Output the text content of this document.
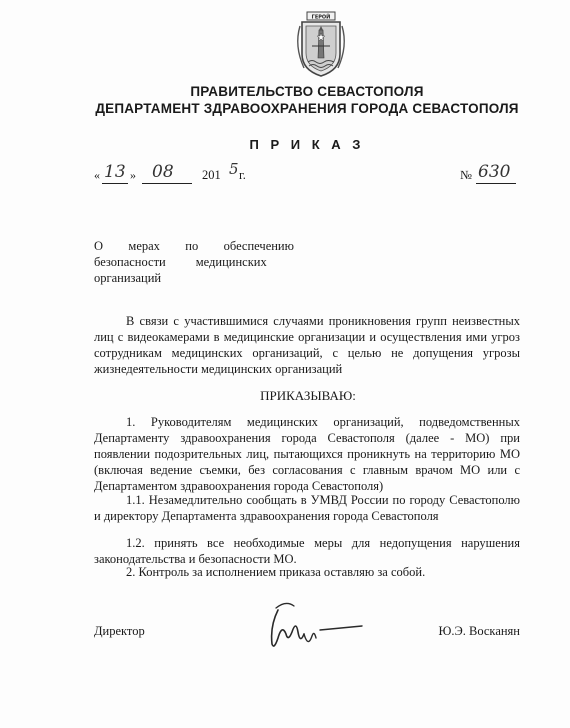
ГЕРОЙ
ПРАВИТЕЛЬСТВО СЕВАСТОПОЛЯ
ДЕПАРТАМЕНТ ЗДРАВООХРАНЕНИЯ ГОРОДА СЕВАСТОПОЛЯ
П Р И К А З
« 13 » 08 201 5 г.	№ 630
О мерах по обеспечению
безопасности медицинских
организаций
В связи с участившимися случаями проникновения групп неизвестных лиц с видеокамерами в медицинские организации и осуществления ими угроз сотрудникам медицинских организаций, с целью не допущения угрозы жизнедеятельности медицинских организаций
ПРИКАЗЫВАЮ:
1. Руководителям медицинских организаций, подведомственных Департаменту здравоохранения города Севастополя (далее - МО) при появлении подозрительных лиц, пытающихся проникнуть на территорию МО (включая ведение съемки, без согласования с главным врачом МО или с Департаментом здравоохранения города Севастополя)
1.1. Незамедлительно сообщать в УМВД России по городу Севастополю и директору Департамента здравоохранения города Севастополя
1.2. принять все необходимые меры для недопущения нарушения законодательства и безопасности МО.
2. Контроль за исполнением приказа оставляю за собой.
Директор	Ю.Э. Восканян
